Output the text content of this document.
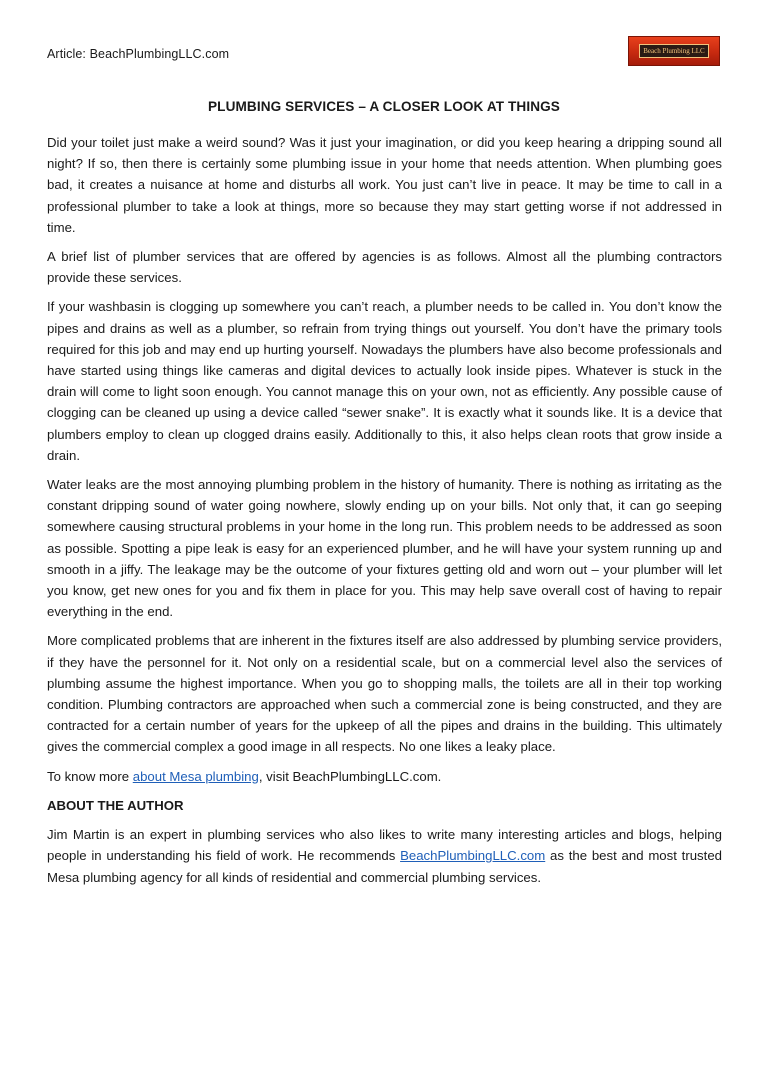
Article: BeachPlumbingLLC.com	Beach Plumbing LLC
PLUMBING SERVICES – A CLOSER LOOK AT THINGS

Did your toilet just make a weird sound? Was it just your imagination, or did you keep hearing a dripping sound all night? If so, then there is certainly some plumbing issue in your home that needs attention. When plumbing goes bad, it creates a nuisance at home and disturbs all work. You just can’t live in peace. It may be time to call in a professional plumber to take a look at things, more so because they may start getting worse if not addressed in time.

A brief list of plumber services that are offered by agencies is as follows. Almost all the plumbing contractors provide these services.

If your washbasin is clogging up somewhere you can’t reach, a plumber needs to be called in. You don’t know the pipes and drains as well as a plumber, so refrain from trying things out yourself. You don’t have the primary tools required for this job and may end up hurting yourself. Nowadays the plumbers have also become professionals and have started using things like cameras and digital devices to actually look inside pipes. Whatever is stuck in the drain will come to light soon enough. You cannot manage this on your own, not as efficiently. Any possible cause of clogging can be cleaned up using a device called “sewer snake”. It is exactly what it sounds like. It is a device that plumbers employ to clean up clogged drains easily. Additionally to this, it also helps clean roots that grow inside a drain.

Water leaks are the most annoying plumbing problem in the history of humanity. There is nothing as irritating as the constant dripping sound of water going nowhere, slowly ending up on your bills. Not only that, it can go seeping somewhere causing structural problems in your home in the long run. This problem needs to be addressed as soon as possible. Spotting a pipe leak is easy for an experienced plumber, and he will have your system running up and smooth in a jiffy. The leakage may be the outcome of your fixtures getting old and worn out – your plumber will let you know, get new ones for you and fix them in place for you. This may help save overall cost of having to repair everything in the end.

More complicated problems that are inherent in the fixtures itself are also addressed by plumbing service providers, if they have the personnel for it. Not only on a residential scale, but on a commercial level also the services of plumbing assume the highest importance. When you go to shopping malls, the toilets are all in their top working condition. Plumbing contractors are approached when such a commercial zone is being constructed, and they are contracted for a certain number of years for the upkeep of all the pipes and drains in the building. This ultimately gives the commercial complex a good image in all respects. No one likes a leaky place.

To know more about Mesa plumbing, visit BeachPlumbingLLC.com.

ABOUT THE AUTHOR

Jim Martin is an expert in plumbing services who also likes to write many interesting articles and blogs, helping people in understanding his field of work. He recommends BeachPlumbingLLC.com as the best and most trusted Mesa plumbing agency for all kinds of residential and commercial plumbing services.
